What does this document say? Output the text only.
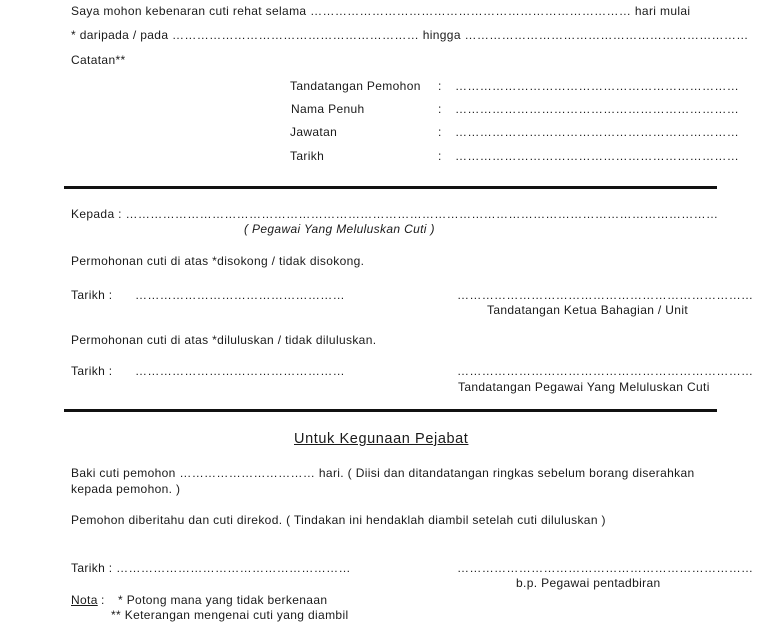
Saya mohon kebenaran cuti rehat selama …………………………………………………………………… hari mulai
* daripada / pada …………………………………………………… hingga ……………………………………………………………
Catatan**
Tandatangan Pemohon : ……………………………………………………………
Nama Penuh	: ……………………………………………………………
Jawatan	: ……………………………………………………………
Tarikh	: ……………………………………………………………
Kepada : ………………………………………………………………………………………………………………………………
( Pegawai Yang Meluluskan Cuti )
Permohonan cuti di atas *disokong / tidak disokong.
Tarikh : ……………………………………………	………………………………………………………………
Tandatangan Ketua Bahagian / Unit
Permohonan cuti di atas *diluluskan / tidak diluluskan.
Tarikh : ……………………………………………	………………………………………………………………
Tandatangan Pegawai Yang Meluluskan Cuti
Untuk Kegunaan Pejabat
Baki cuti pemohon …………………………… hari. ( Diisi dan ditandatangan ringkas sebelum borang diserahkan
kepada pemohon. )
Pemohon diberitahu dan cuti direkod. ( Tindakan ini hendaklah diambil setelah cuti diluluskan )
Tarikh : …………………………………………………	………………………………………………………………
b.p. Pegawai pentadbiran
Nota : * Potong mana yang tidak berkenaan
** Keterangan mengenai cuti yang diambil
